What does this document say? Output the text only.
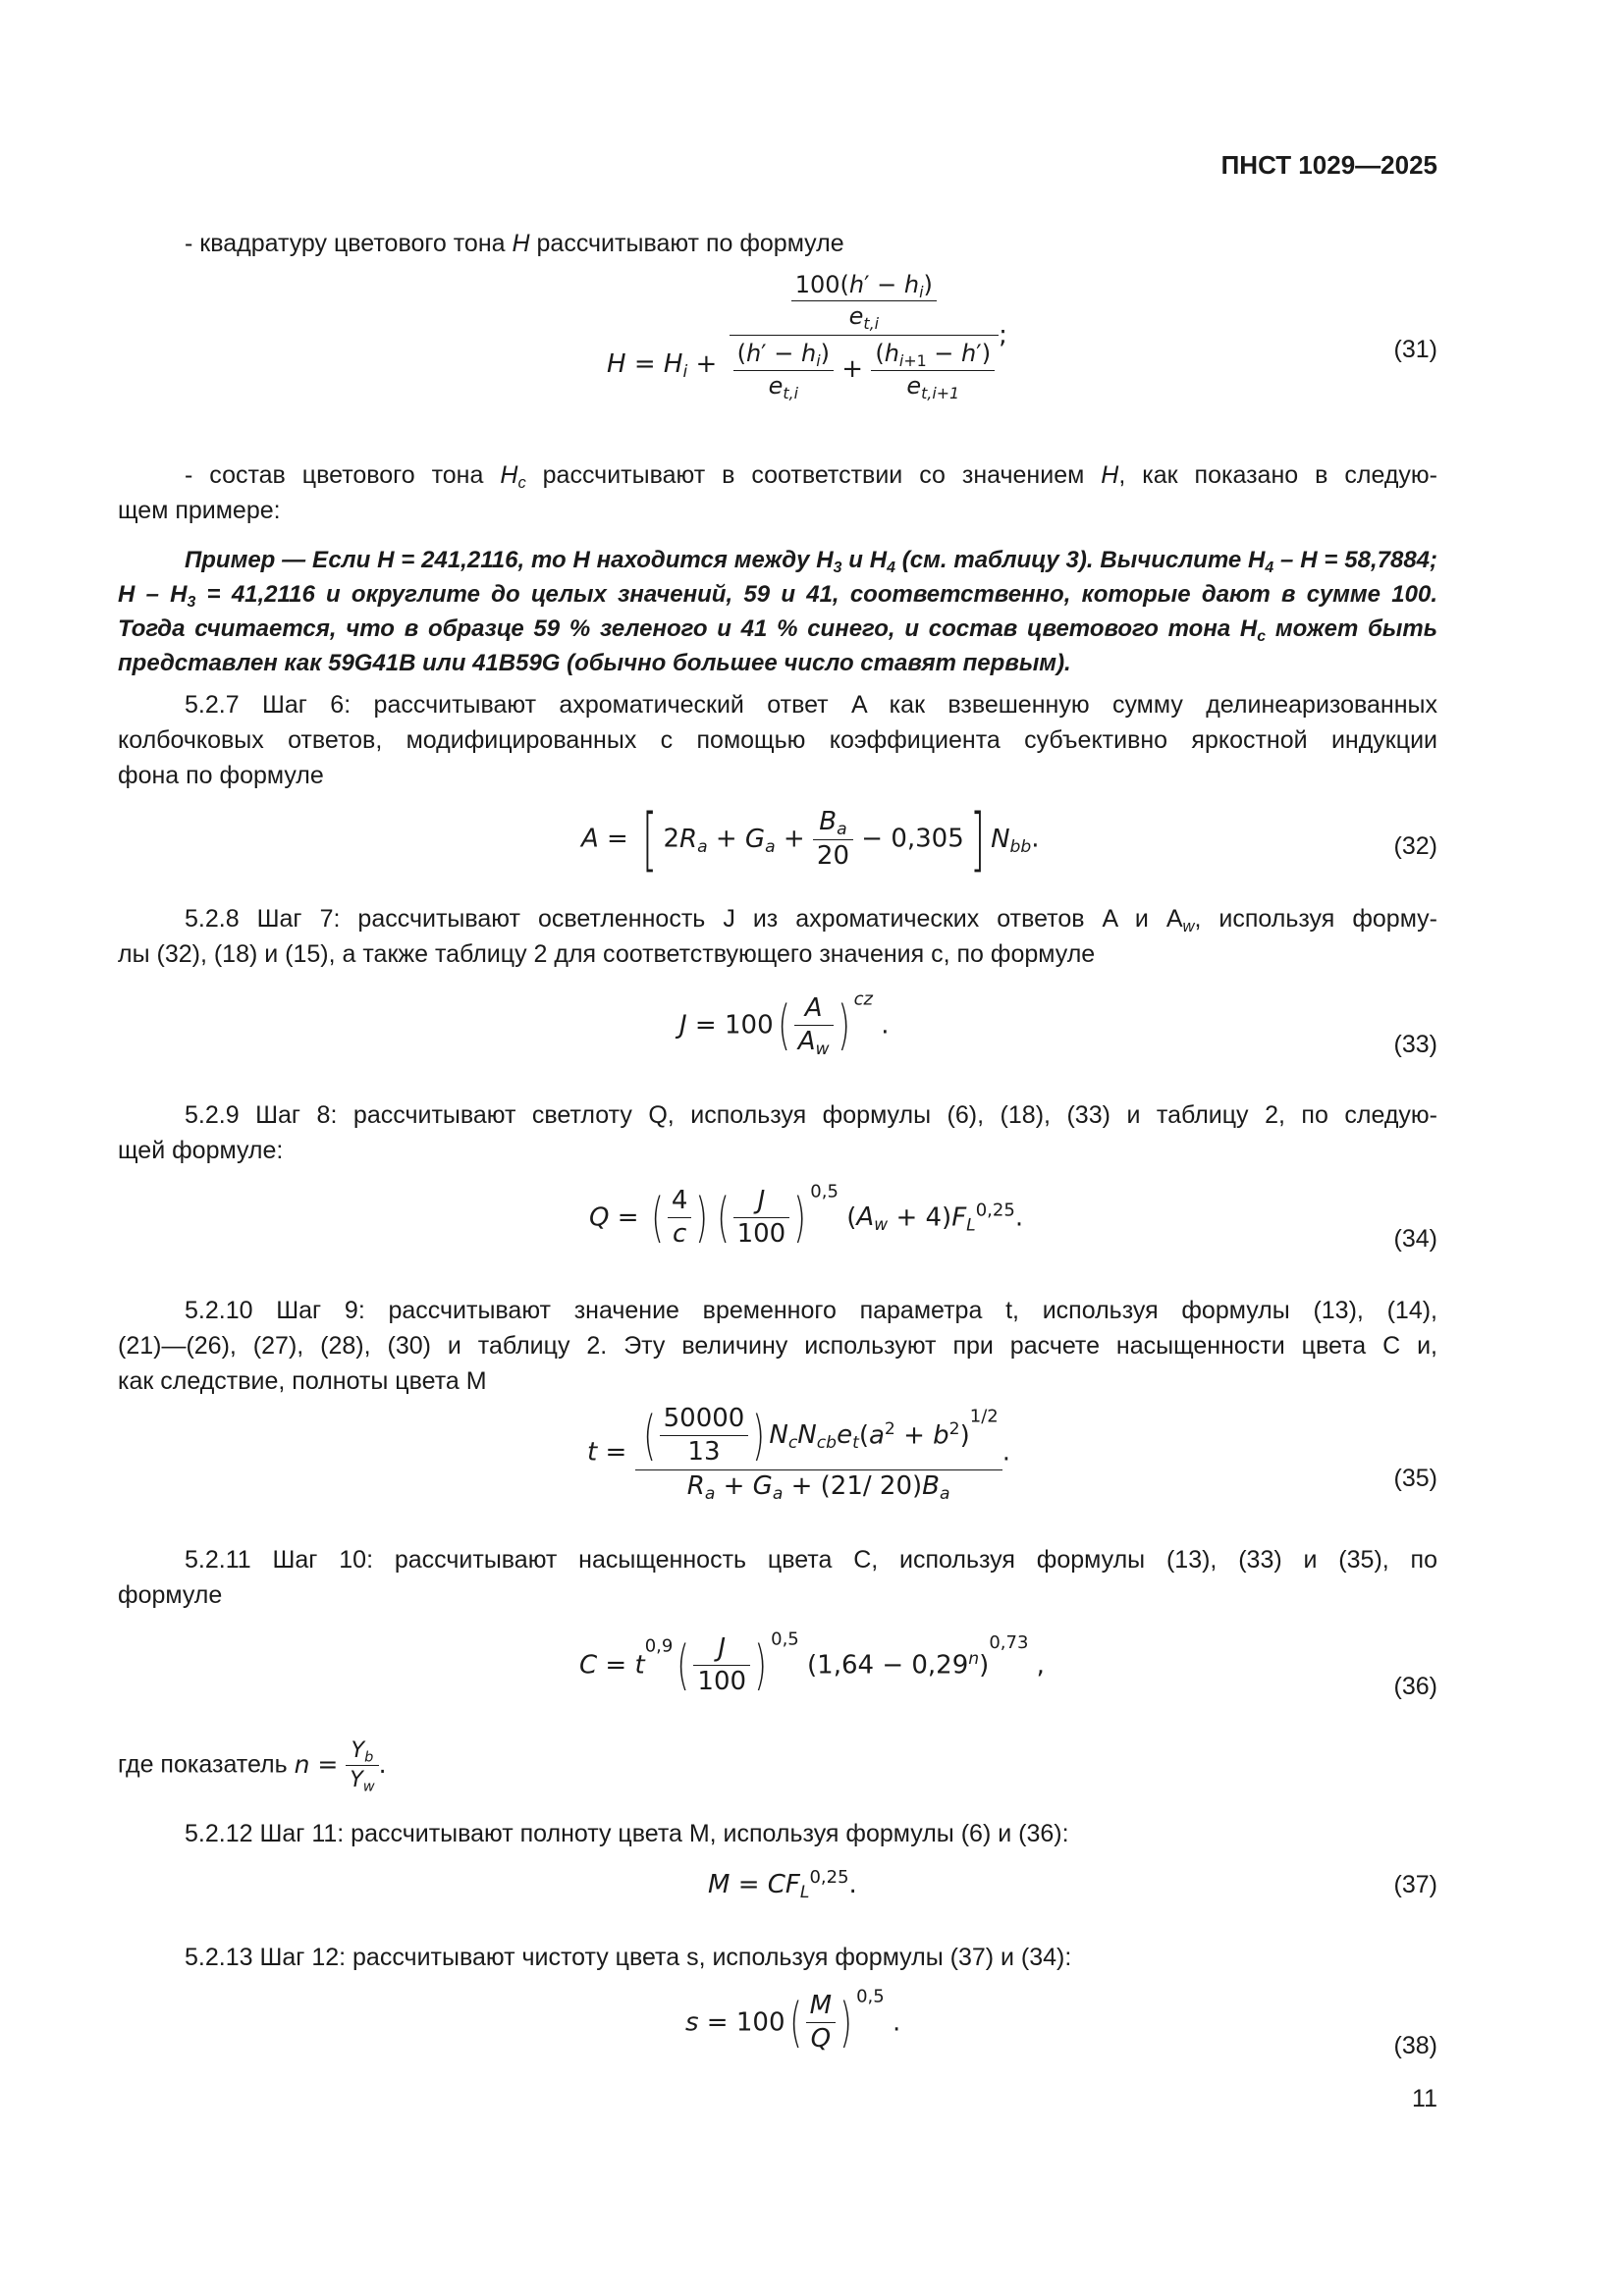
ПНСТ 1029—2025
- квадратуру цветового тона H рассчитывают по формуле
$H = H_i + \frac{\frac{100(h' - h_i)}{e_{t,i}}}{\frac{(h' - h_i)}{e_{t,i}} + \frac{(h_{i+1} - h')}{e_{t,i+1}}}$ ;	(31)
- состав цветового тона $H_c$ рассчитывают в соответствии со значением H, как показано в следую-
щем примере:
Пример — Если H = 241,2116, то H находится между $H_3$ и $H_4$ (см. таблицу 3). Вычислите $H_4 - H = 58,7884$;
$H - H_3 = 41,2116$ и округлите до целых значений, 59 и 41, соответственно, которые дают в сумме 100.
Тогда считается, что в образце 59 % зеленого и 41 % синего, и состав цветового тона $H_c$ может быть
представлен как 59G41B или 41B59G (обычно большее число ставят первым).
5.2.7 Шаг 6: рассчитывают ахроматический ответ A как взвешенную сумму делинеаризованных
колбочковых ответов, модифицированных с помощью коэффициента субъективно яркостной индукции
фона по формуле
A = [ $2R_a + G_a + \frac{B_a}{20} - 0,305$] $N_{bb}$.	(32)
5.2.8 Шаг 7: рассчитывают осветленность J из ахроматических ответов A и $A_w$, используя форму-
лы (32), (18) и (15), а также таблицу 2 для соответствующего значения c, по формуле
$J = 100( \frac{A}{A_w}$ ) $^{cz}$ .
(33)
5.2.9 Шаг 8: рассчитывают светлоту Q, используя формулы (6), (18), (33) и таблицу 2, по следую-
щей формуле:
Q = ( $\frac{4}{c}$ ) ( $\frac{J}{100}$ ) $^{0,5}$ $(A_w + 4)F_L^{0,25}$.
(34)
5.2.10 Шаг 9: рассчитывают значение временного параметра t, используя формулы (13), (14),
(21)—(26), (27), (28), (30) и таблицу 2. Эту величину используют при расчете насыщенности цвета C и,
как следствие, полноты цвета M
$t = \frac{( \frac{50000}{13} ) N_cN_{cb}e_t(a^2 + b^2)^{1/2}}{R_a + G_a + (21/ 20)B_a}$ .
(35)
5.2.11 Шаг 10: рассчитывают насыщенность цвета C, используя формулы (13), (33) и (35), по
формуле
$C = t^{0,9}( \frac{J}{100}$ ) $^{0,5}$ $(1,64 - 0,29^n)^{0,73}$ ,
(36)
где показатель $n = \frac{Y_b}{Y_w}$ .
5.2.12 Шаг 11: рассчитывают полноту цвета M, используя формулы (6) и (36):
$M = CF_L^{0,25}$.	(37)
5.2.13 Шаг 12: рассчитывают чистоту цвета s, используя формулы (37) и (34):
$s = 100( \frac{M}{Q}$ ) $^{0,5}$ .
(38)
11
